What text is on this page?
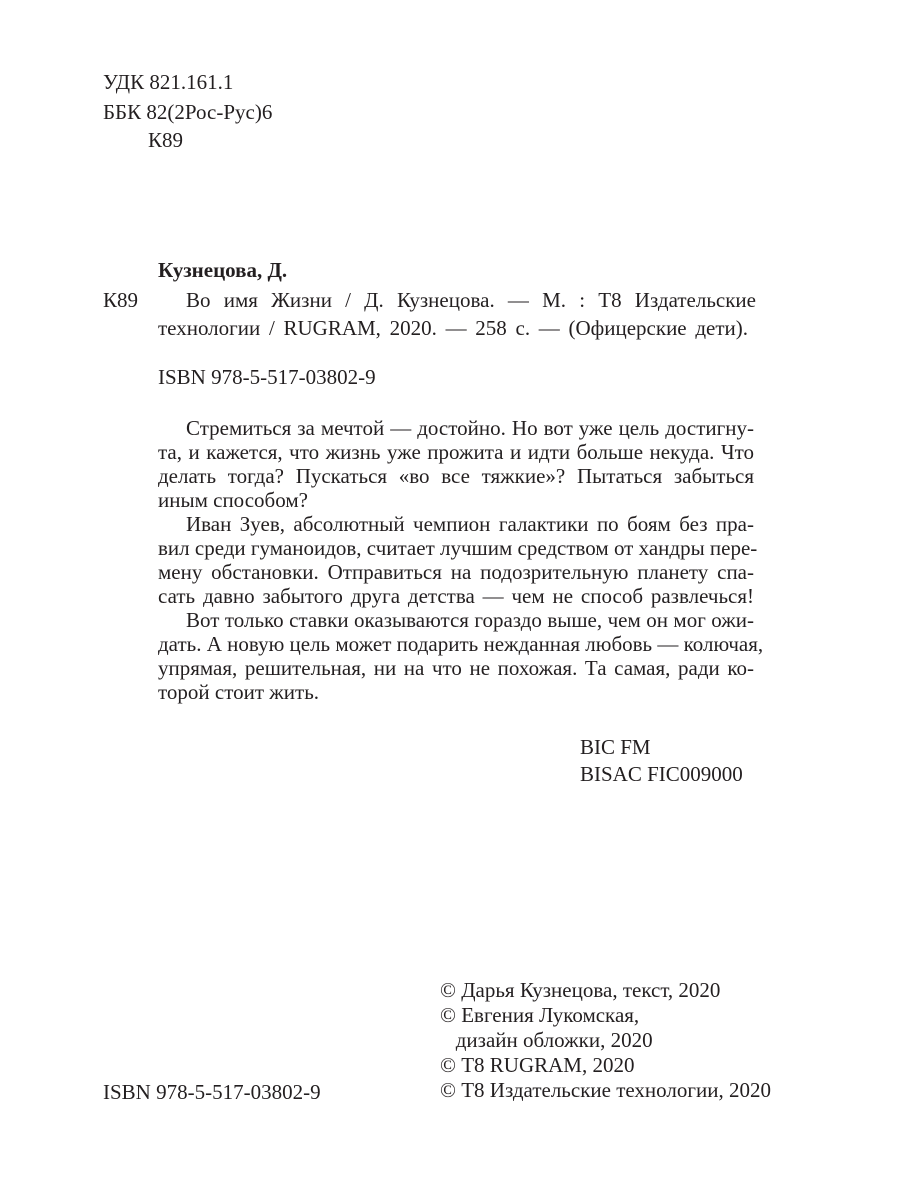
УДК 821.161.1
ББК 82(2Рос-Рус)6
К89
Кузнецова, Д.
К89 Во имя Жизни / Д. Кузнецова. — М. : Т8 Издательские
технологии / RUGRAM, 2020. — 258 с. — (Офицерские дети).
ISBN 978-5-517-03802-9
Стремиться за мечтой — достойно. Но вот уже цель достигну-
та, и кажется, что жизнь уже прожита и идти больше некуда. Что
делать тогда? Пускаться «во все тяжкие»? Пытаться забыться
иным способом?
Иван Зуев, абсолютный чемпион галактики по боям без пра-
вил среди гуманоидов, считает лучшим средством от хандры пере-
мену обстановки. Отправиться на подозрительную планету спа-
сать давно забытого друга детства — чем не способ развлечься!
Вот только ставки оказываются гораздо выше, чем он мог ожи-
дать. А новую цель может подарить нежданная любовь — колючая,
упрямая, решительная, ни на что не похожая. Та самая, ради ко-
торой стоит жить.
BIC FM
BISAC FIC009000
ISBN 978-5-517-03802-9
© Дарья Кузнецова, текст, 2020
© Евгения Лукомская,
дизайн обложки, 2020
© Т8 RUGRAM, 2020
© Т8 Издательские технологии, 2020
